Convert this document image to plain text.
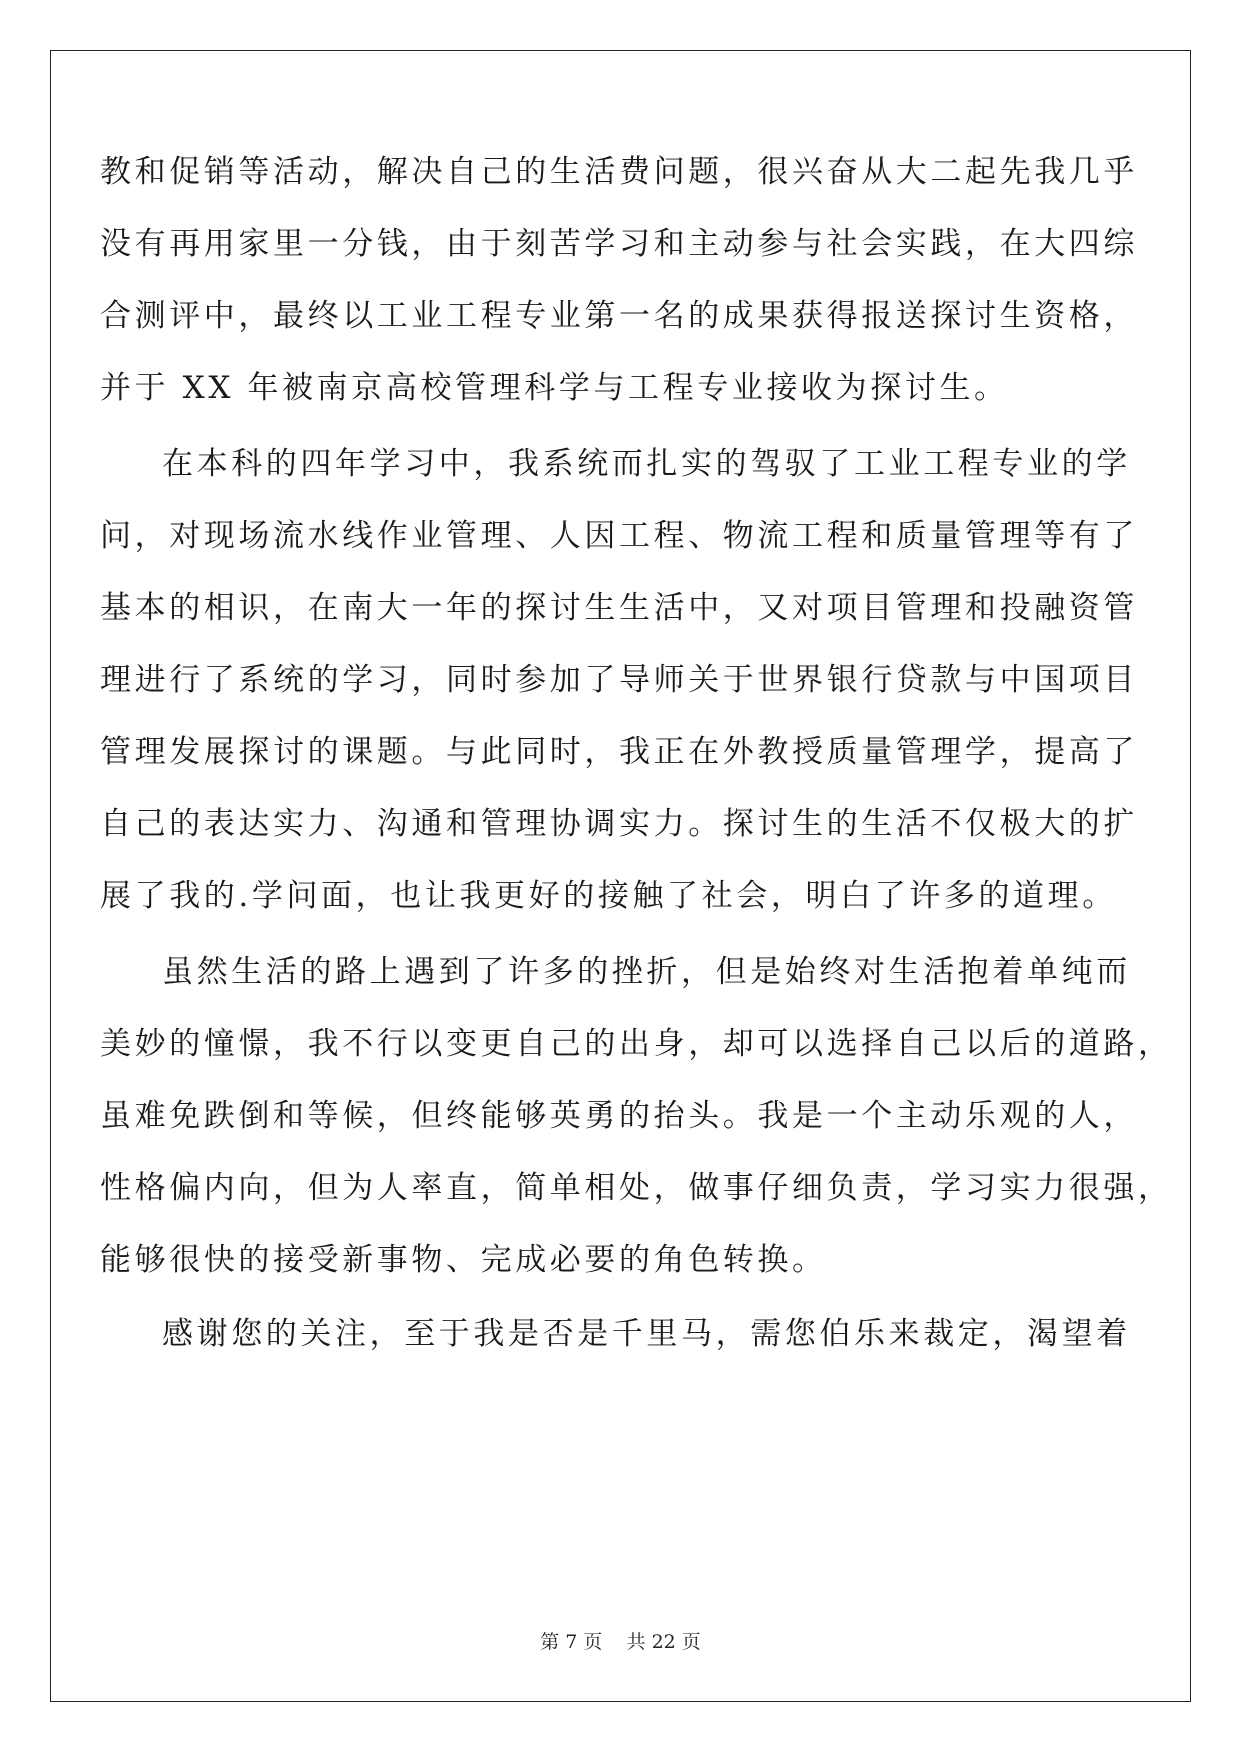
教和促销等活动，解决自己的生活费问题，很兴奋从大二起先我几乎
没有再用家里一分钱，由于刻苦学习和主动参与社会实践，在大四综
合测评中，最终以工业工程专业第一名的成果获得报送探讨生资格，
并于 XX 年被南京高校管理科学与工程专业接收为探讨生。
在本科的四年学习中，我系统而扎实的驾驭了工业工程专业的学
问，对现场流水线作业管理、人因工程、物流工程和质量管理等有了
基本的相识，在南大一年的探讨生生活中，又对项目管理和投融资管
理进行了系统的学习，同时参加了导师关于世界银行贷款与中国项目
管理发展探讨的课题。与此同时，我正在外教授质量管理学，提高了
自己的表达实力、沟通和管理协调实力。探讨生的生活不仅极大的扩
展了我的.学问面，也让我更好的接触了社会，明白了许多的道理。
虽然生活的路上遇到了许多的挫折，但是始终对生活抱着单纯而
美妙的憧憬，我不行以变更自己的出身，却可以选择自己以后的道路，
虽难免跌倒和等候，但终能够英勇的抬头。我是一个主动乐观的人，
性格偏内向，但为人率直，简单相处，做事仔细负责，学习实力很强，
能够很快的接受新事物、完成必要的角色转换。
感谢您的关注，至于我是否是千里马，需您伯乐来裁定，渴望着
第 7 页 共 22 页
